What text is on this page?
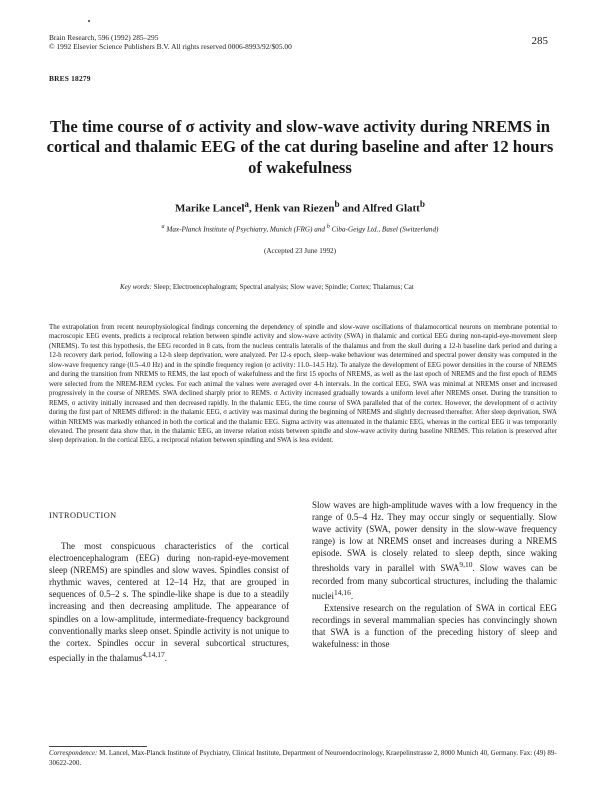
Brain Research, 596 (1992) 285–295
© 1992 Elsevier Science Publishers B.V. All rights reserved 0006-8993/92/$05.00	285
BRES 18279
The time course of σ activity and slow-wave activity during NREMS in cortical and thalamic EEG of the cat during baseline and after 12 hours of wakefulness
Marike Lancel$^a$, Henk van Riezen$^b$ and Alfred Glatt$^b$
$^a$ Max-Planck Institute of Psychiatry, Munich (FRG) and $^b$ Ciba-Geigy Ltd., Basel (Switzerland)
(Accepted 23 June 1992)
Key words: Sleep; Electroencephalogram; Spectral analysis; Slow wave; Spindle; Cortex; Thalamus; Cat

The extrapolation from recent neurophysiological findings concerning the dependency of spindle and slow-wave oscillations of thalamocortical neurons on membrane potential to macroscopic EEG events, predicts a reciprocal relation between spindle activity and slow-wave activity (SWA) in thalamic and cortical EEG during non-rapid-eye-movement sleep (NREMS). To test this hypothesis, the EEG recorded in 8 cats, from the nucleus centralis lateralis of the thalamus and from the skull during a 12-h baseline dark period and during a 12-h recovery dark period, following a 12-h sleep deprivation, were analyzed. Per 12-s epoch, sleep–wake behaviour was determined and spectral power density was computed in the slow-wave frequency range (0.5–4.0 Hz) and in the spindle frequency region (σ activity: 11.0–14.5 Hz). To analyze the development of EEG power densities in the course of NREMS and during the transition from NREMS to REMS, the last epoch of wakefulness and the first 15 epochs of NREMS, as well as the last epoch of NREMS and the first epoch of REMS were selected from the NREM-REM cycles. For each animal the values were averaged over 4-h intervals. In the cortical EEG, SWA was minimal at NREMS onset and increased progressively in the course of NREMS. SWA declined sharply prior to REMS. σ Activity increased gradually towards a uniform level after NREMS onset. During the transition to REMS, σ activity initially increased and then decreased rapidly. In the thalamic EEG, the time course of SWA paralleled that of the cortex. However, the development of σ activity during the first part of NREMS differed: in the thalamic EEG, σ activity was maximal during the beginning of NREMS and slightly decreased thereafter. After sleep deprivation, SWA within NREMS was markedly enhanced in both the cortical and the thalamic EEG. Sigma activity was attenuated in the thalamic EEG, whereas in the cortical EEG it was temporarily elevated. The present data show that, in the thalamic EEG, an inverse relation exists between spindle and slow-wave activity during baseline NREMS. This relation is preserved after sleep deprivation. In the cortical EEG, a reciprocal relation between spindling and SWA is less evident.

INTRODUCTION

The most conspicuous characteristics of the cortical electroencephalogram (EEG) during non-rapid-eye-movement sleep (NREMS) are spindles and slow waves. Spindles consist of rhythmic waves, centered at 12–14 Hz, that are grouped in sequences of 0.5–2 s. The spindle-like shape is due to a steadily increasing and then decreasing amplitude. The appearance of spindles on a low-amplitude, intermediate-frequency background conventionally marks sleep onset. Spindle activity is not unique to the cortex. Spindles occur in several subcortical structures, especially in the thalamus$^{4,14,17}$.

Slow waves are high-amplitude waves with a low frequency in the range of 0.5–4 Hz. They may occur singly or sequentially. Slow wave activity (SWA, power density in the slow-wave frequency range) is low at NREMS onset and increases during a NREMS episode. SWA is closely related to sleep depth, since waking thresholds vary in parallel with SWA$^{9,10}$. Slow waves can be recorded from many subcortical structures, including the thalamic nuclei$^{14,16}$.

Extensive research on the regulation of SWA in cortical EEG recordings in several mammalian species has convincingly shown that SWA is a function of the preceding history of sleep and wakefulness: in those

Correspondence: M. Lancel, Max-Planck Institute of Psychiatry, Clinical Institute, Department of Neuroendocrinology, Kraepelinstrasse 2, 8000 Munich 40, Germany. Fax: (49) 89-30622-200.
